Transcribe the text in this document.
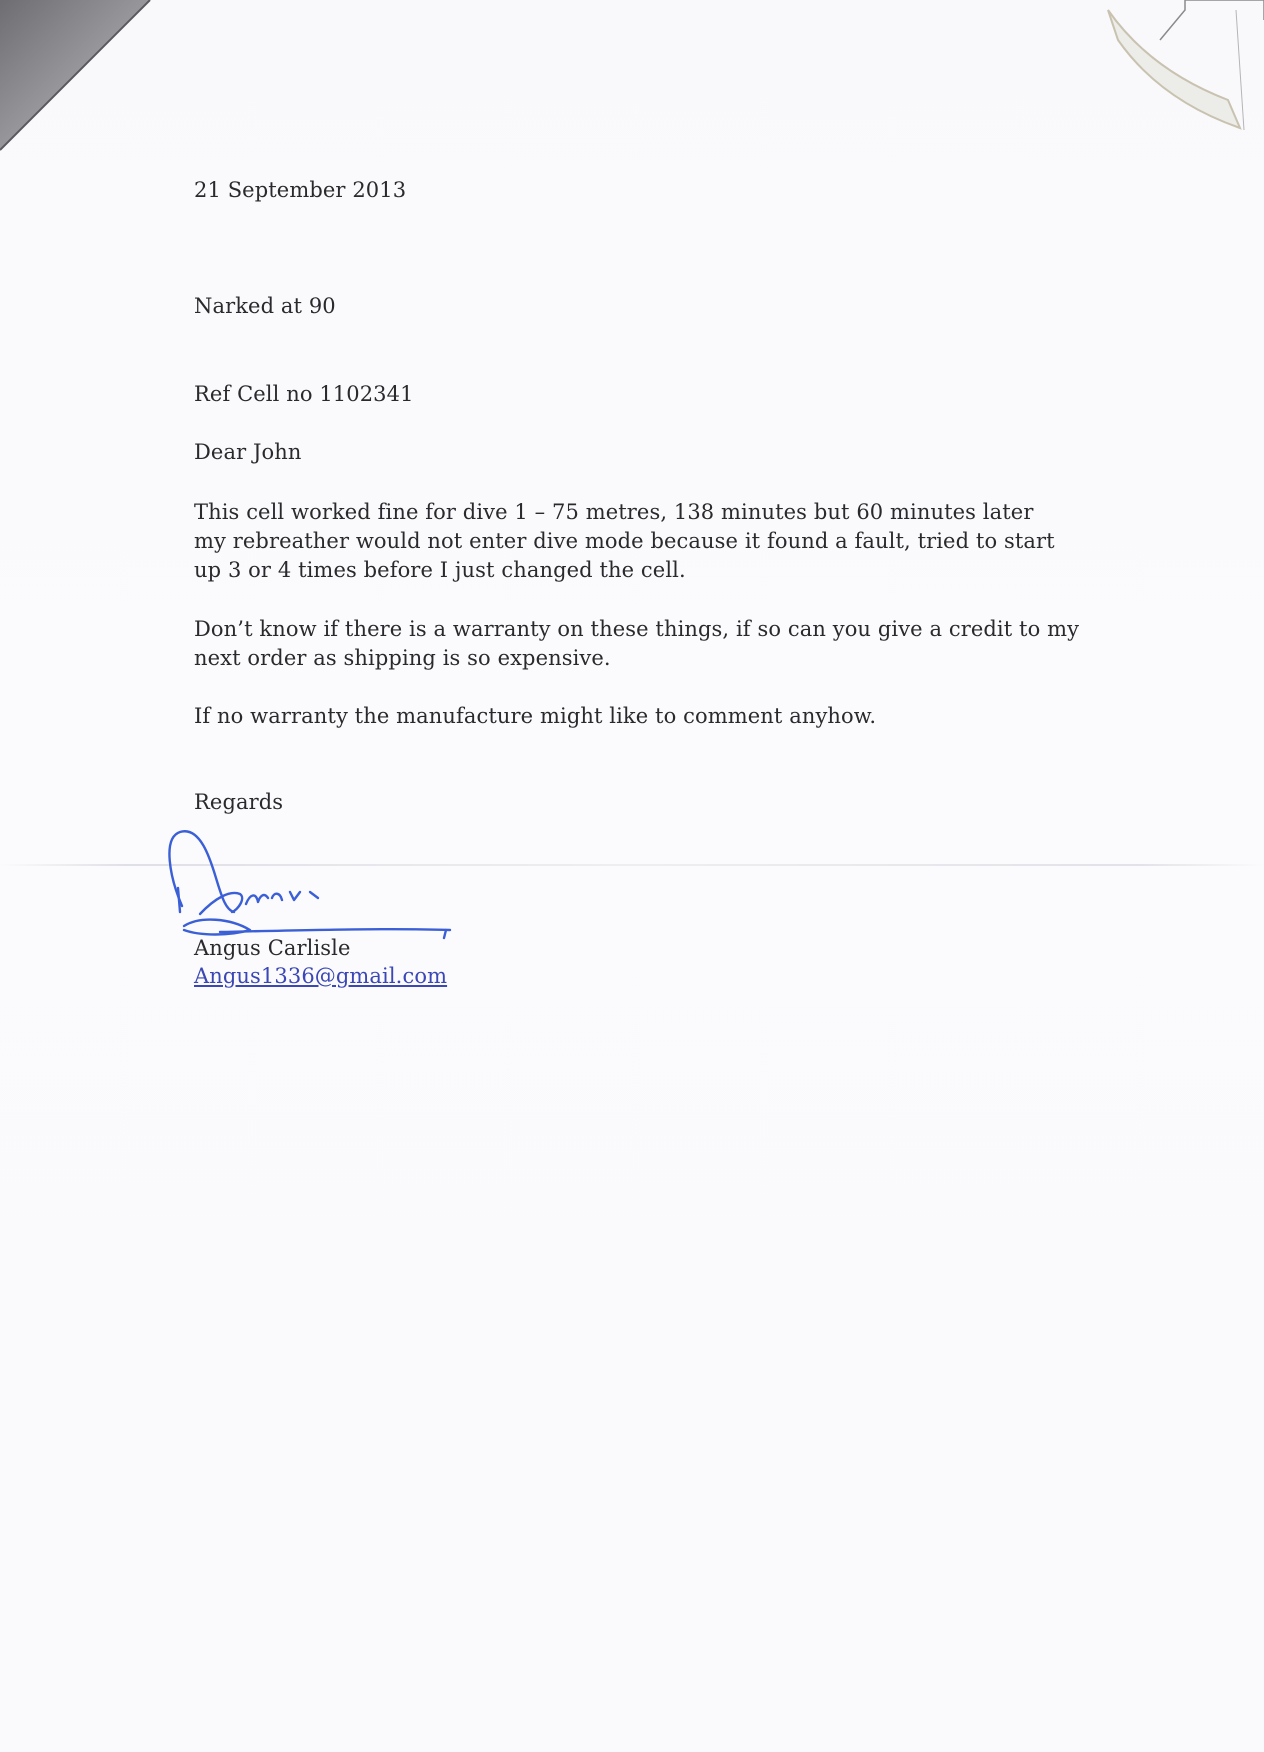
21 September 2013
Narked at 90
Ref Cell no 1102341
Dear John
This cell worked fine for dive 1 – 75 metres, 138 minutes but 60 minutes later
my rebreather would not enter dive mode because it found a fault, tried to start
up 3 or 4 times before I just changed the cell.
Don’t know if there is a warranty on these things, if so can you give a credit to my
next order as shipping is so expensive.
If no warranty the manufacture might like to comment anyhow.
Regards
Angus Carlisle
Angus1336@gmail.com
